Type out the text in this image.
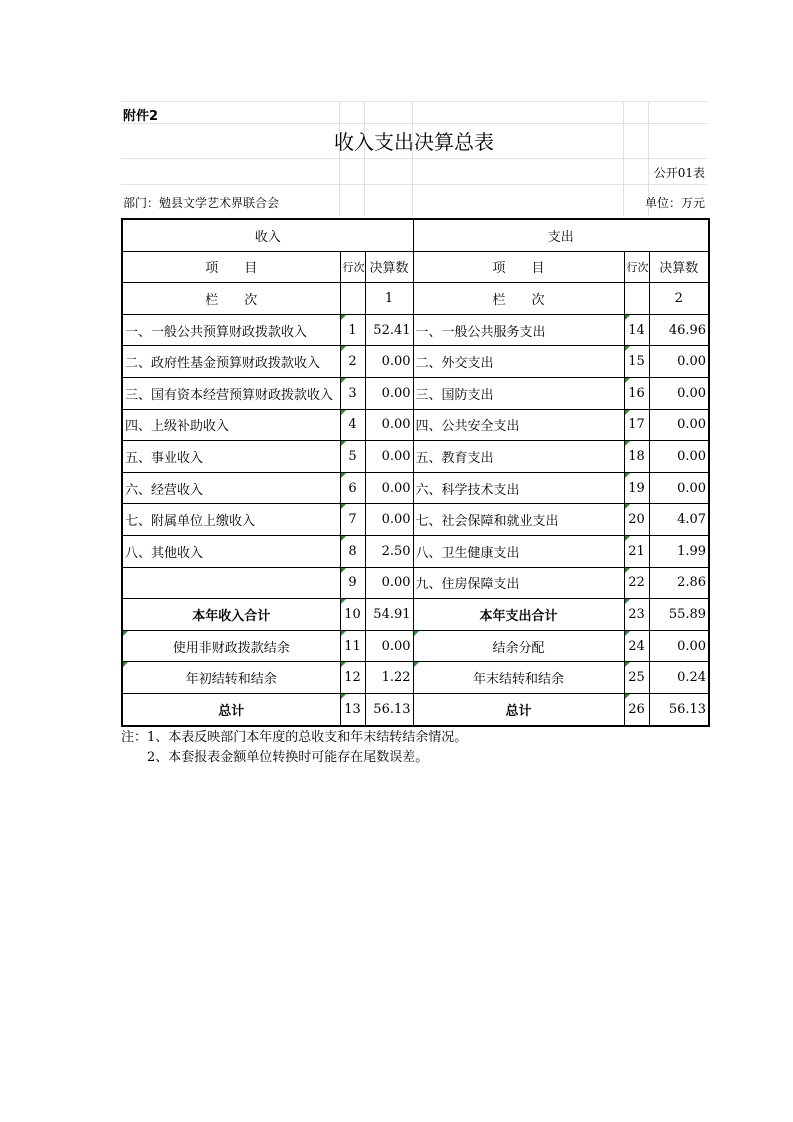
附件2
收入支出决算总表
公开01表
部门：勉县文学艺术界联合会	单位：万元
收入			支出		
项　　目	行次	决算数	项　　目	行次	决算数
栏　　次		1	栏　　次		2
一、一般公共预算财政拨款收入	1	52.41	一、一般公共服务支出	14	46.96
二、政府性基金预算财政拨款收入	2	0.00	二、外交支出	15	0.00
三、国有资本经营预算财政拨款收入	3	0.00	三、国防支出	16	0.00
四、上级补助收入	4	0.00	四、公共安全支出	17	0.00
五、事业收入	5	0.00	五、教育支出	18	0.00
六、经营收入	6	0.00	六、科学技术支出	19	0.00
七、附属单位上缴收入	7	0.00	七、社会保障和就业支出	20	4.07
八、其他收入	8	2.50	八、卫生健康支出	21	1.99
	9	0.00	九、住房保障支出	22	2.86
本年收入合计	10	54.91	本年支出合计	23	55.89
使用非财政拨款结余	11	0.00	结余分配	24	0.00
年初结转和结余	12	1.22	年末结转和结余	25	0.24
总计	13	56.13	总计	26	56.13
注：1、本表反映部门本年度的总收支和年末结转结余情况。
2、本套报表金额单位转换时可能存在尾数误差。
